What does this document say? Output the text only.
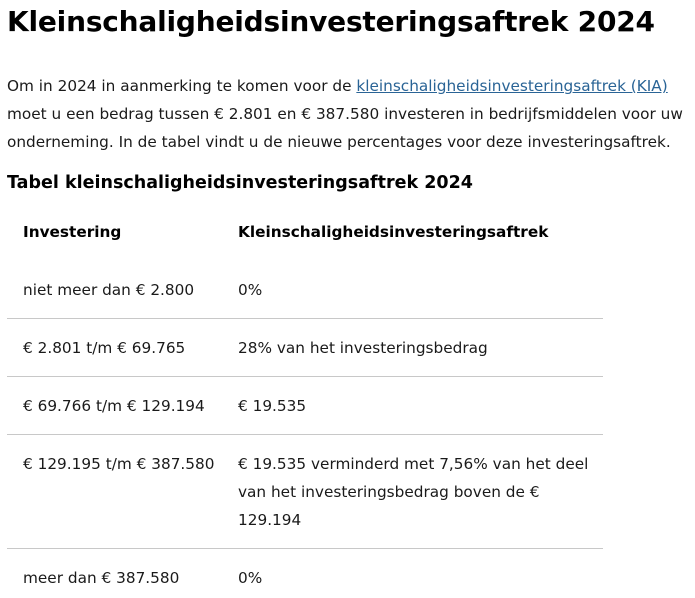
Kleinschaligheidsinvesteringsaftrek 2024

Om in 2024 in aanmerking te komen voor de kleinschaligheidsinvesteringsaftrek (KIA) moet u een bedrag tussen € 2.801 en € 387.580 investeren in bedrijfsmiddelen voor uw onderneming. In de tabel vindt u de nieuwe percentages voor deze investeringsaftrek.

Tabel kleinschaligheidsinvesteringsaftrek 2024
Investering	Kleinschaligheidsinvesteringsaftrek
niet meer dan € 2.800	0%
€ 2.801 t/m € 69.765	28% van het investeringsbedrag
€ 69.766 t/m € 129.194	€ 19.535
€ 129.195 t/m € 387.580	€ 19.535 verminderd met 7,56% van het deel van het investeringsbedrag boven de € 129.194
meer dan € 387.580	0%
